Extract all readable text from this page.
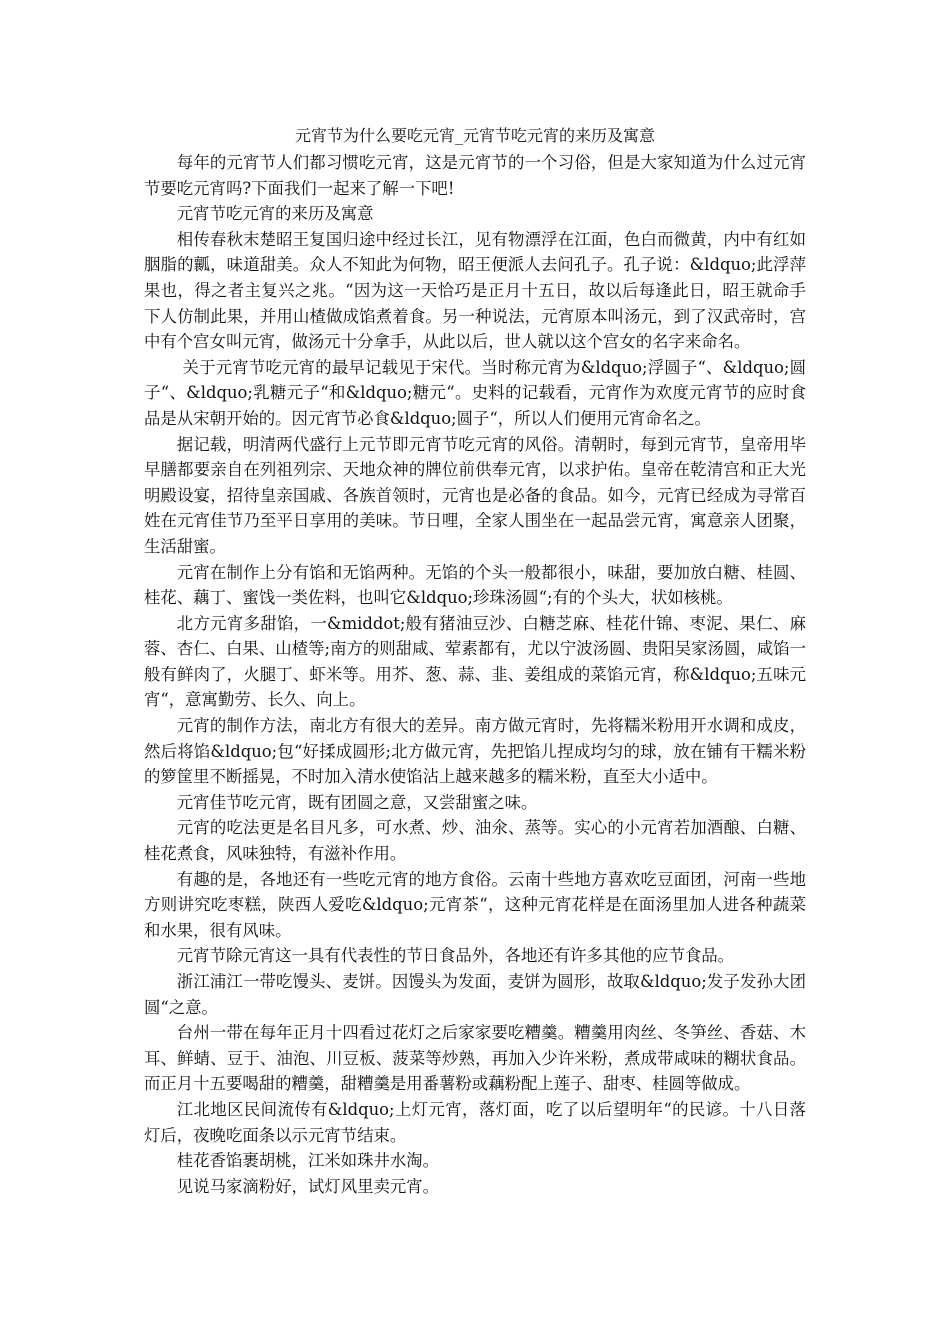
元宵节为什么要吃元宵_元宵节吃元宵的来历及寓意

每年的元宵节人们都习惯吃元宵，这是元宵节的一个习俗，但是大家知道为什么过元宵节要吃元宵吗?下面我们一起来了解一下吧!

元宵节吃元宵的来历及寓意

相传春秋末楚昭王复国归途中经过长江，见有物漂浮在江面，色白而微黄，内中有红如胭脂的瓤，味道甜美。众人不知此为何物，昭王便派人去问孔子。孔子说：&ldquo;此浮萍果也，得之者主复兴之兆。“因为这一天恰巧是正月十五日，故以后每逢此日，昭王就命手下人仿制此果，并用山楂做成馅煮着食。另一种说法，元宵原本叫汤元，到了汉武帝时，宫中有个宫女叫元宵，做汤元十分拿手，从此以后，世人就以这个宫女的名字来命名。

关于元宵节吃元宵的最早记载见于宋代。当时称元宵为&ldquo;浮圆子“、&ldquo;圆子“、&ldquo;乳糖元子“和&ldquo;糖元“。史料的记载看，元宵作为欢度元宵节的应时食品是从宋朝开始的。因元宵节必食&ldquo;圆子“，所以人们便用元宵命名之。

据记载，明清两代盛行上元节即元宵节吃元宵的风俗。清朝时，每到元宵节，皇帝用毕早膳都要亲自在列祖列宗、天地众神的牌位前供奉元宵，以求护佑。皇帝在乾清宫和正大光明殿设宴，招待皇亲国戚、各族首领时，元宵也是必备的食品。如今，元宵已经成为寻常百姓在元宵佳节乃至平日享用的美味。节日哩，全家人围坐在一起品尝元宵，寓意亲人团聚，生活甜蜜。

元宵在制作上分有馅和无馅两种。无馅的个头一般都很小，味甜，要加放白糖、桂圆、桂花、藕丁、蜜饯一类佐料，也叫它&ldquo;珍珠汤圆“;有的个头大，状如核桃。

北方元宵多甜馅，一&middot;般有猪油豆沙、白糖芝麻、桂花什锦、枣泥、果仁、麻蓉、杏仁、白果、山楂等;南方的则甜咸、荤素都有，尤以宁波汤圆、贵阳吴家汤圆，咸馅一般有鲜肉了，火腿丁、虾米等。用芥、葱、蒜、韭、姜组成的菜馅元宵，称&ldquo;五味元宵“，意寓勤劳、长久、向上。

元宵的制作方法，南北方有很大的差异。南方做元宵时，先将糯米粉用开水调和成皮，然后将馅&ldquo;包“好揉成圆形;北方做元宵，先把馅儿捏成均匀的球，放在铺有干糯米粉的箩筐里不断摇晃，不时加入清水使馅沾上越来越多的糯米粉，直至大小适中。

元宵佳节吃元宵，既有团圆之意，又尝甜蜜之味。

元宵的吃法更是名目凡多，可水煮、炒、油氽、蒸等。实心的小元宵若加酒酿、白糖、桂花煮食，风味独特，有滋补作用。

有趣的是，各地还有一些吃元宵的地方食俗。云南十些地方喜欢吃豆面团，河南一些地方则讲究吃枣糕，陕西人爱吃&ldquo;元宵茶“，这种元宵花样是在面汤里加人进各种蔬菜和水果，很有风味。

元宵节除元宵这一具有代表性的节日食品外，各地还有许多其他的应节食品。

浙江浦江一带吃馒头、麦饼。因馒头为发面，麦饼为圆形，故取&ldquo;发子发孙大团圆“之意。

台州一带在每年正月十四看过花灯之后家家要吃糟羹。糟羹用肉丝、冬笋丝、香菇、木耳、鲜蜻、豆于、油泡、川豆板、菠菜等炒熟，再加入少许米粉，煮成带咸味的糊状食品。而正月十五要喝甜的糟羹，甜糟羹是用番薯粉或藕粉配上莲子、甜枣、桂圆等做成。

江北地区民间流传有&ldquo;上灯元宵，落灯面，吃了以后望明年“的民谚。十八日落灯后，夜晚吃面条以示元宵节结束。

桂花香馅裹胡桃，江米如珠井水淘。

见说马家滴粉好，试灯风里卖元宵。
